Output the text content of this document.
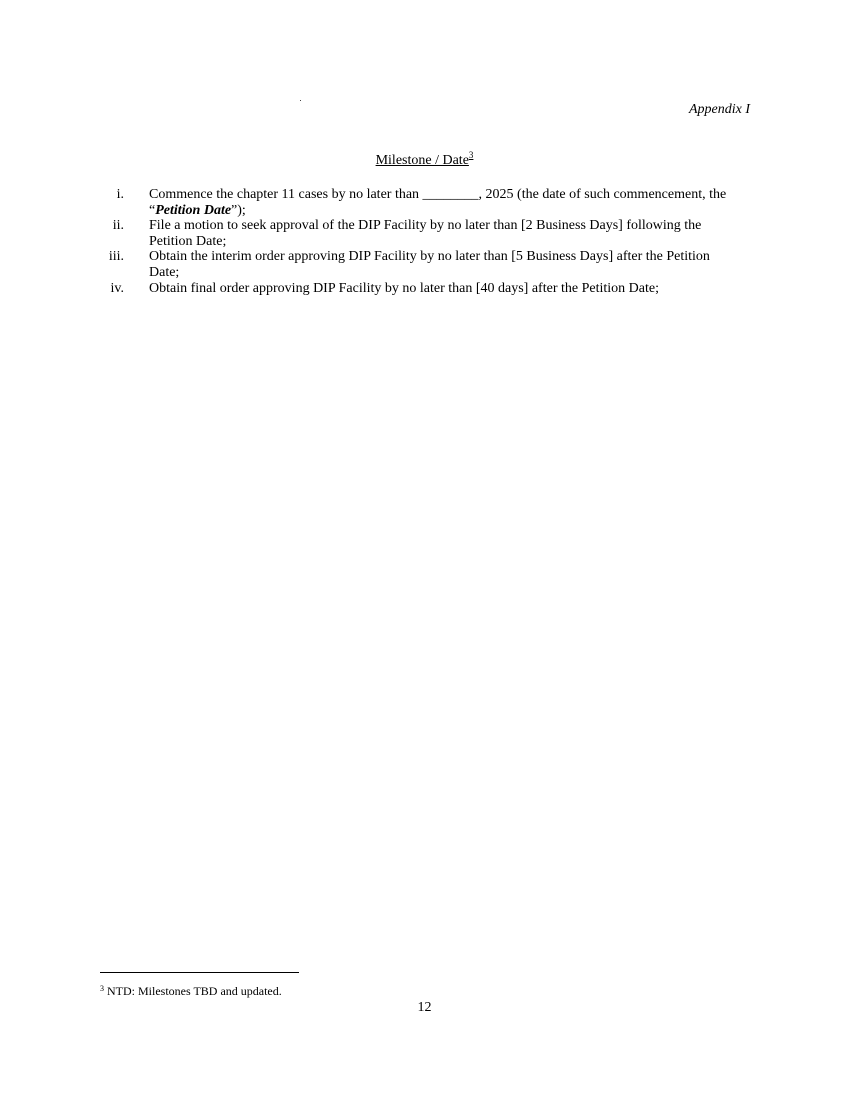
Appendix I
Milestone / Date$^3$
i. Commence the chapter 11 cases by no later than ________, 2025 (the date of such commencement, the “Petition Date”);
ii. File a motion to seek approval of the DIP Facility by no later than [2 Business Days] following the Petition Date;
iii. Obtain the interim order approving DIP Facility by no later than [5 Business Days] after the Petition Date;
iv. Obtain final order approving DIP Facility by no later than [40 days] after the Petition Date;
$^3$ NTD: Milestones TBD and updated.
12
